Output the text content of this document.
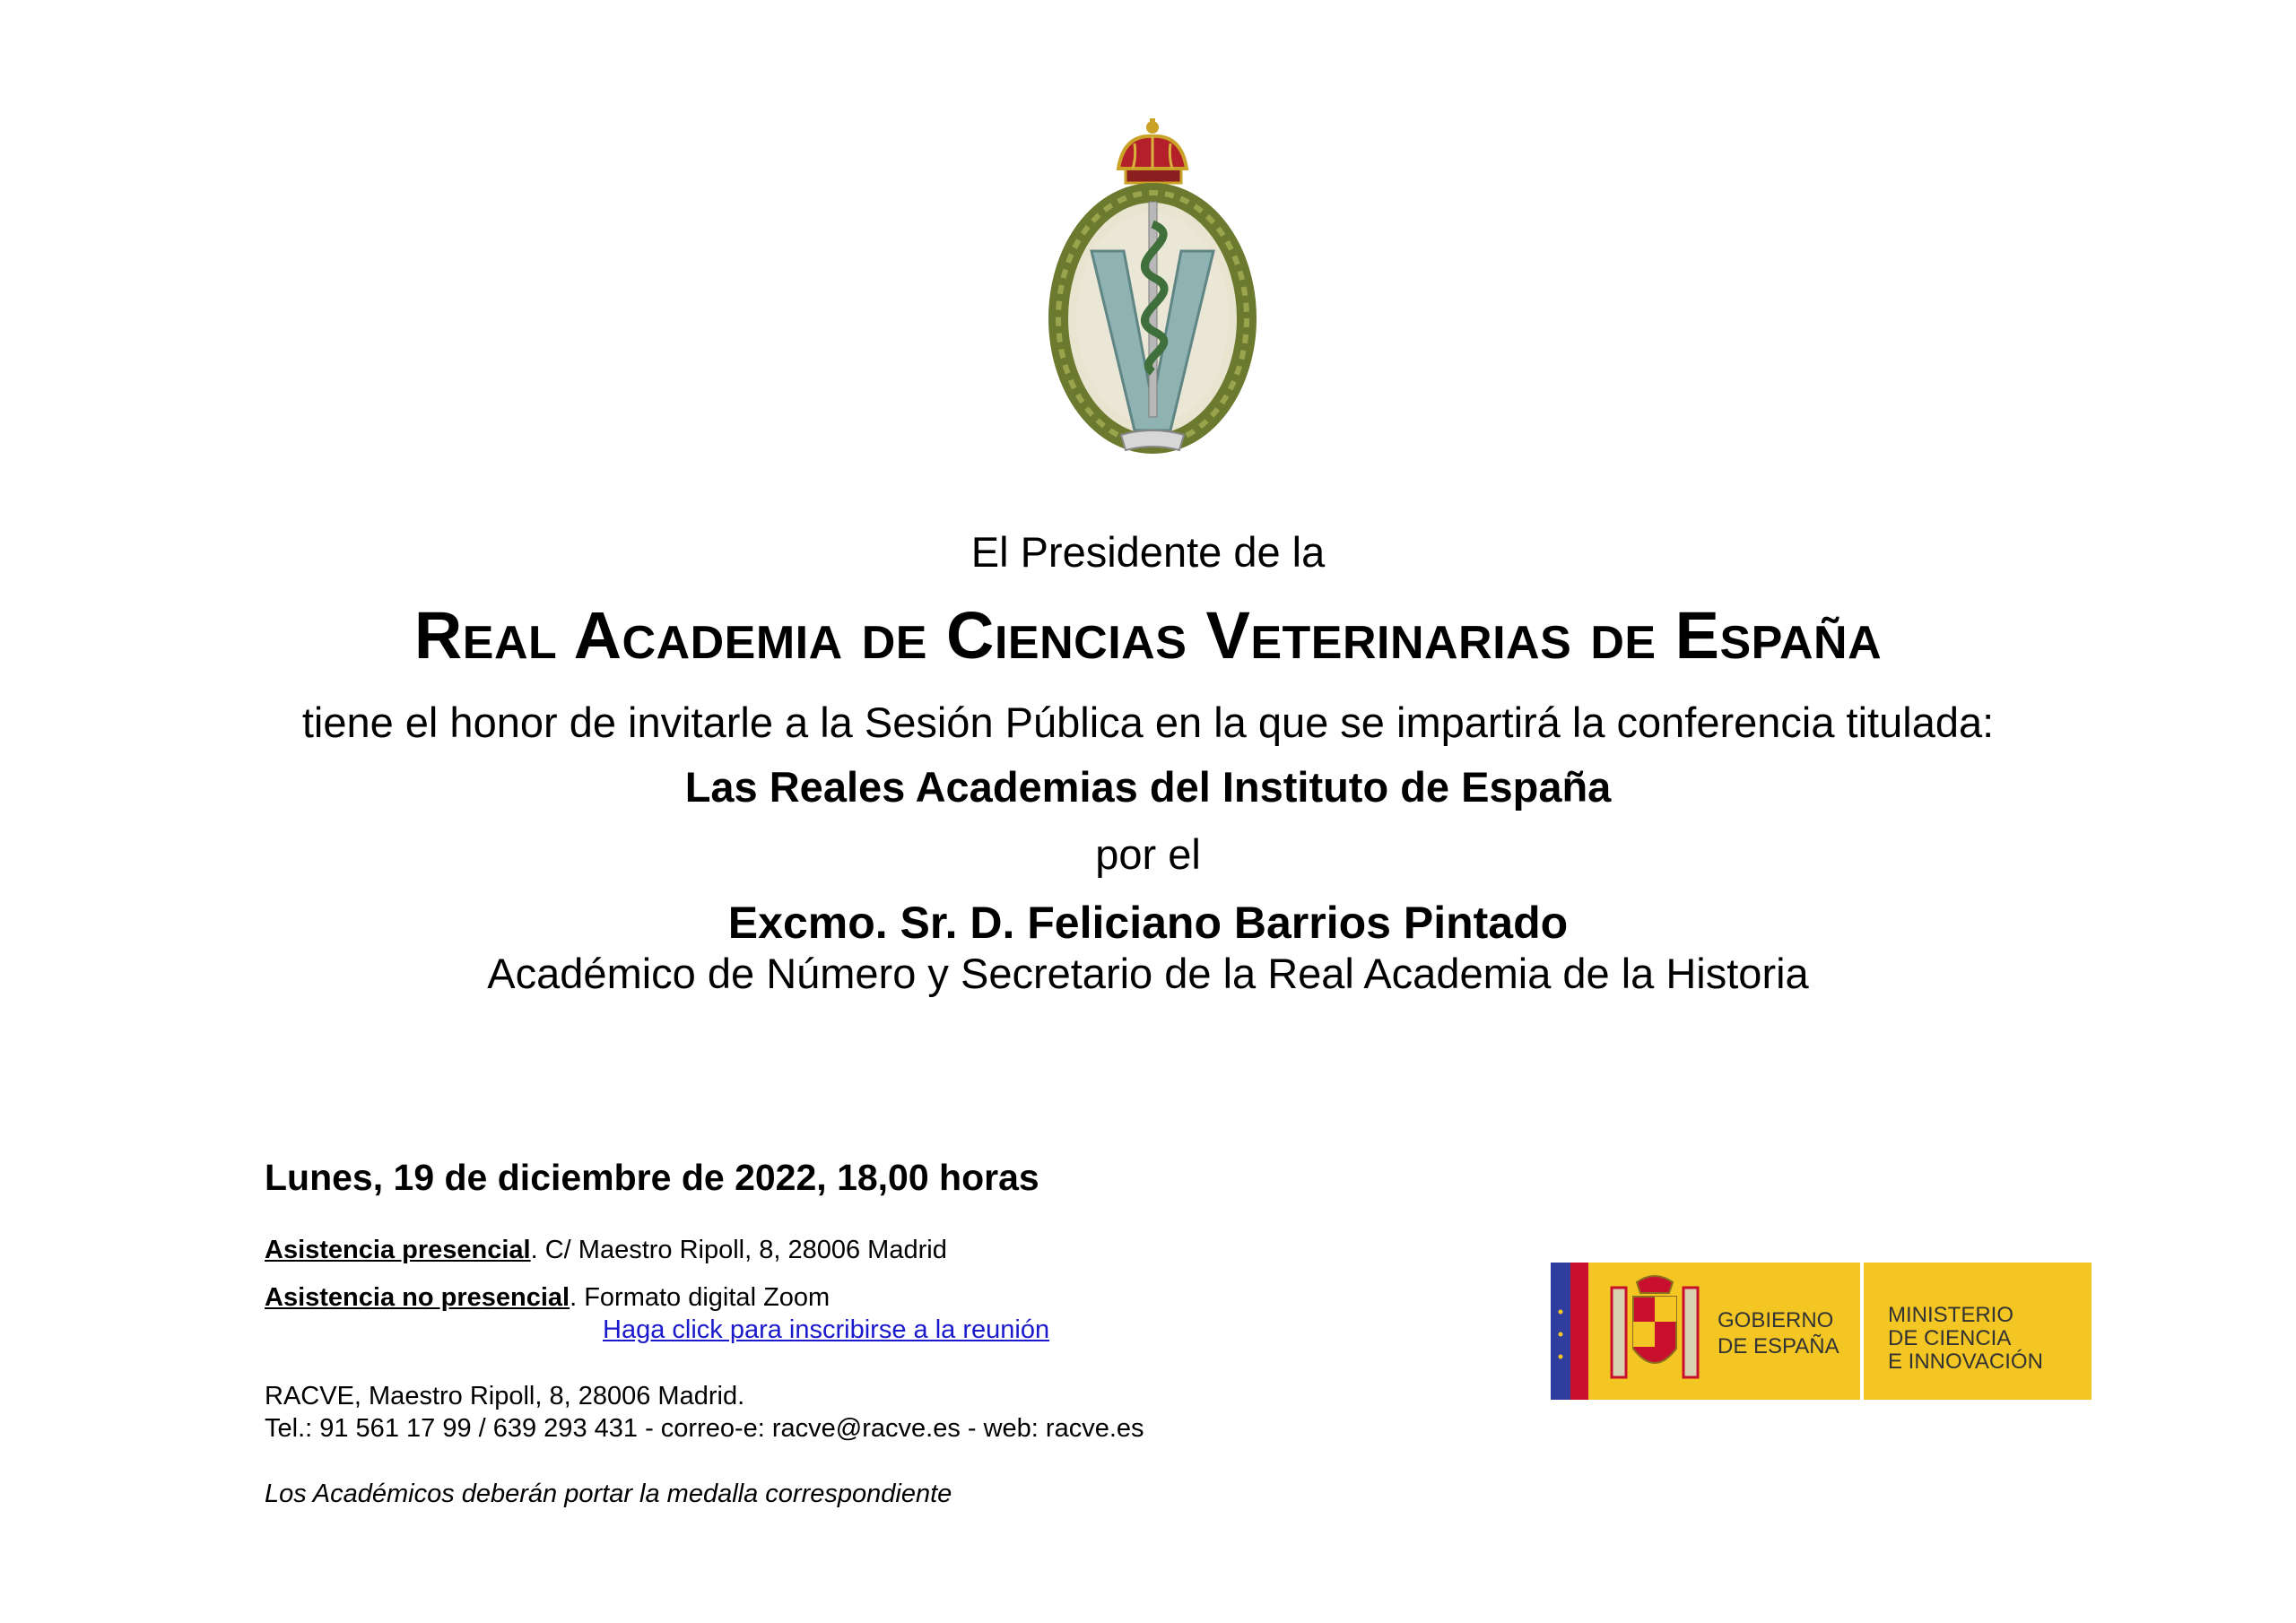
El Presidente de la
Real Academia de Ciencias Veterinarias de España
tiene el honor de invitarle a la Sesión Pública en la que se impartirá la conferencia titulada:
Las Reales Academias del Instituto de España
por el
Excmo. Sr. D. Feliciano Barrios Pintado
Académico de Número y Secretario de la Real Academia de la Historia
Lunes, 19 de diciembre de 2022, 18,00 horas
Asistencia presencial. C/ Maestro Ripoll, 8, 28006 Madrid
Asistencia no presencial. Formato digital Zoom
Haga click para inscribirse a la reunión
RACVE, Maestro Ripoll, 8, 28006 Madrid.
Tel.: 91 561 17 99 / 639 293 431 - correo-e: racve@racve.es - web: racve.es
Los Académicos deberán portar la medalla correspondiente
GOBIERNO
DE ESPAÑA
MINISTERIO
DE CIENCIA
E INNOVACIÓN
